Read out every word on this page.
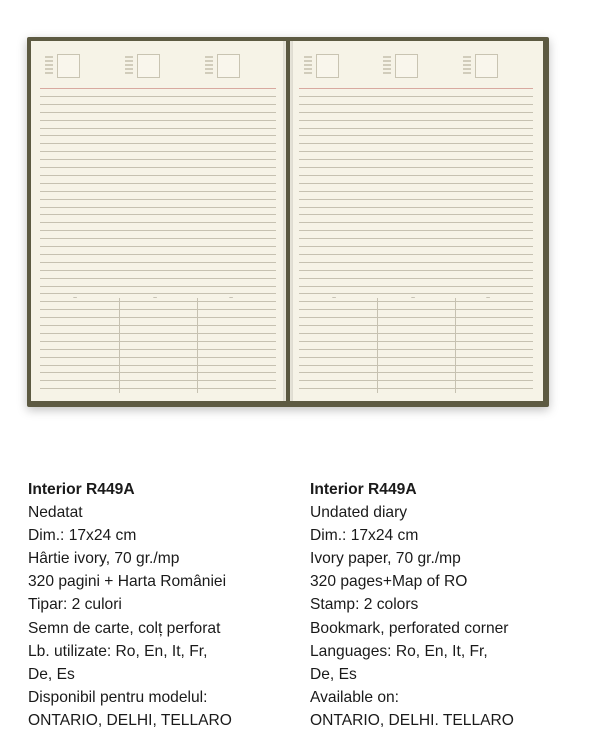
~	~	~	~	~	~
Interior R449A
Nedatat
Dim.: 17x24 cm
Hârtie ivory, 70 gr./mp
320 pagini + Harta României
Tipar: 2 culori
Semn de carte, colț perforat
Lb. utilizate: Ro, En, It, Fr,
De, Es
Disponibil pentru modelul:
ONTARIO, DELHI, TELLARO
Interior R449A
Undated diary
Dim.: 17x24 cm
Ivory paper, 70 gr./mp
320 pages+Map of RO
Stamp: 2 colors
Bookmark, perforated corner
Languages: Ro, En, It, Fr,
De, Es
Available on:
ONTARIO, DELHI. TELLARO
